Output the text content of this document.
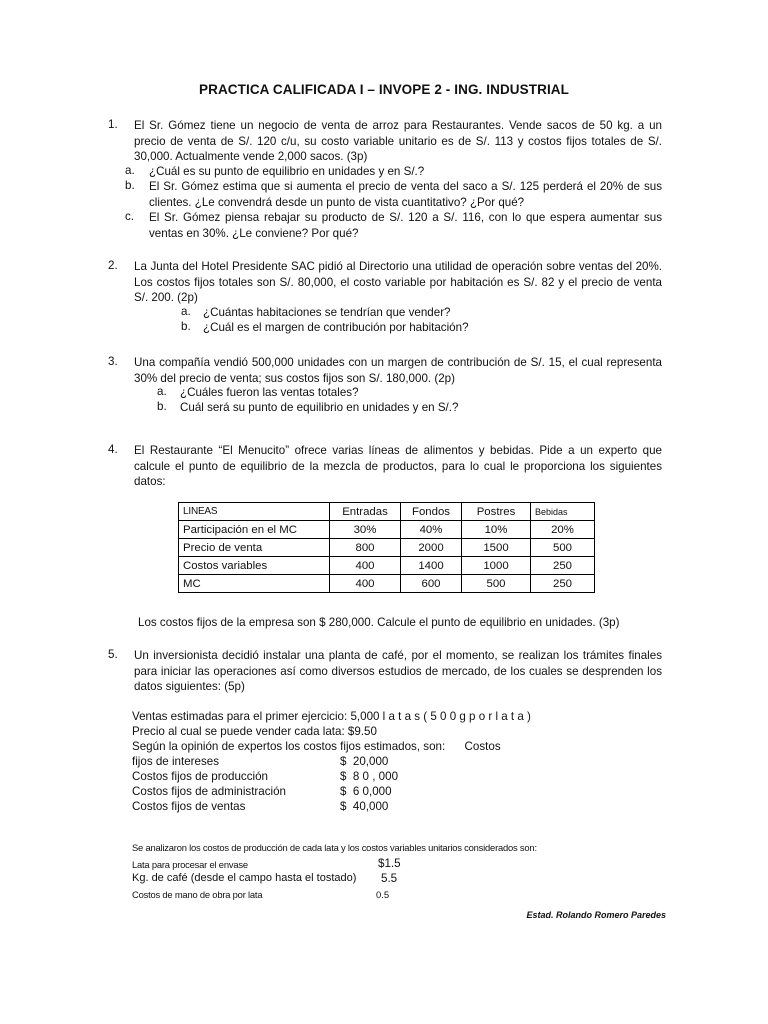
PRACTICA CALIFICADA I – INVOPE 2 - ING. INDUSTRIAL
1. El Sr. Gómez tiene un negocio de venta de arroz para Restaurantes. Vende sacos de 50 kg. a un precio de venta de S/. 120 c/u, su costo variable unitario es de S/. 113 y costos fijos totales de S/. 30,000. Actualmente vende 2,000 sacos. (3p)
a. ¿Cuál es su punto de equilibrio en unidades y en S/.?
b. El Sr. Gómez estima que si aumenta el precio de venta del saco a S/. 125 perderá el 20% de sus clientes. ¿Le convendrá desde un punto de vista cuantitativo? ¿Por qué?
c. El Sr. Gómez piensa rebajar su producto de S/. 120 a S/. 116, con lo que espera aumentar sus ventas en 30%. ¿Le conviene? Por qué?
2. La Junta del Hotel Presidente SAC pidió al Directorio una utilidad de operación sobre ventas del 20%. Los costos fijos totales son S/. 80,000, el costo variable por habitación es S/. 82 y el precio de venta S/. 200. (2p)
a. ¿Cuántas habitaciones se tendrían que vender?
b. ¿Cuál es el margen de contribución por habitación?
3. Una compañía vendió 500,000 unidades con un margen de contribución de S/. 15, el cual representa 30% del precio de venta; sus costos fijos son S/. 180,000. (2p)
a. ¿Cuáles fueron las ventas totales?
b. Cuál será su punto de equilibrio en unidades y en S/.?
4. El Restaurante “El Menucito” ofrece varias líneas de alimentos y bebidas. Pide a un experto que calcule el punto de equilibrio de la mezcla de productos, para lo cual le proporciona los siguientes datos:
LINEAS	Entradas	Fondos	Postres	Bebidas
Participación en el MC	30%	40%	10%	20%
Precio de venta	800	2000	1500	500
Costos variables	400	1400	1000	250
MC	400	600	500	250
Los costos fijos de la empresa son $ 280,000. Calcule el punto de equilibrio en unidades. (3p)
5. Un inversionista decidió instalar una planta de café, por el momento, se realizan los trámites finales para iniciar las operaciones así como diversos estudios de mercado, de los cuales se desprenden los datos siguientes: (5p)
Ventas estimadas para el primer ejercicio: 5,000 l a t a s ( 5 0 0 g p o r l a t a )
Precio al cual se puede vender cada lata: $9.50
Según la opinión de expertos los costos fijos estimados, son:      Costos
fijos de intereses	$  20,000
Costos fijos de producción	$  8 0 , 000
Costos fijos de administración	$  6 0,000
Costos fijos de ventas	$  40,000
Se analizaron los costos de producción de cada lata y los costos variables unitarios considerados son:
Lata para procesar el envase	$1.5
Kg. de café (desde el campo hasta el tostado) 5.5
Costos de mano de obra por lata	0.5
Estad. Rolando Romero Paredes
